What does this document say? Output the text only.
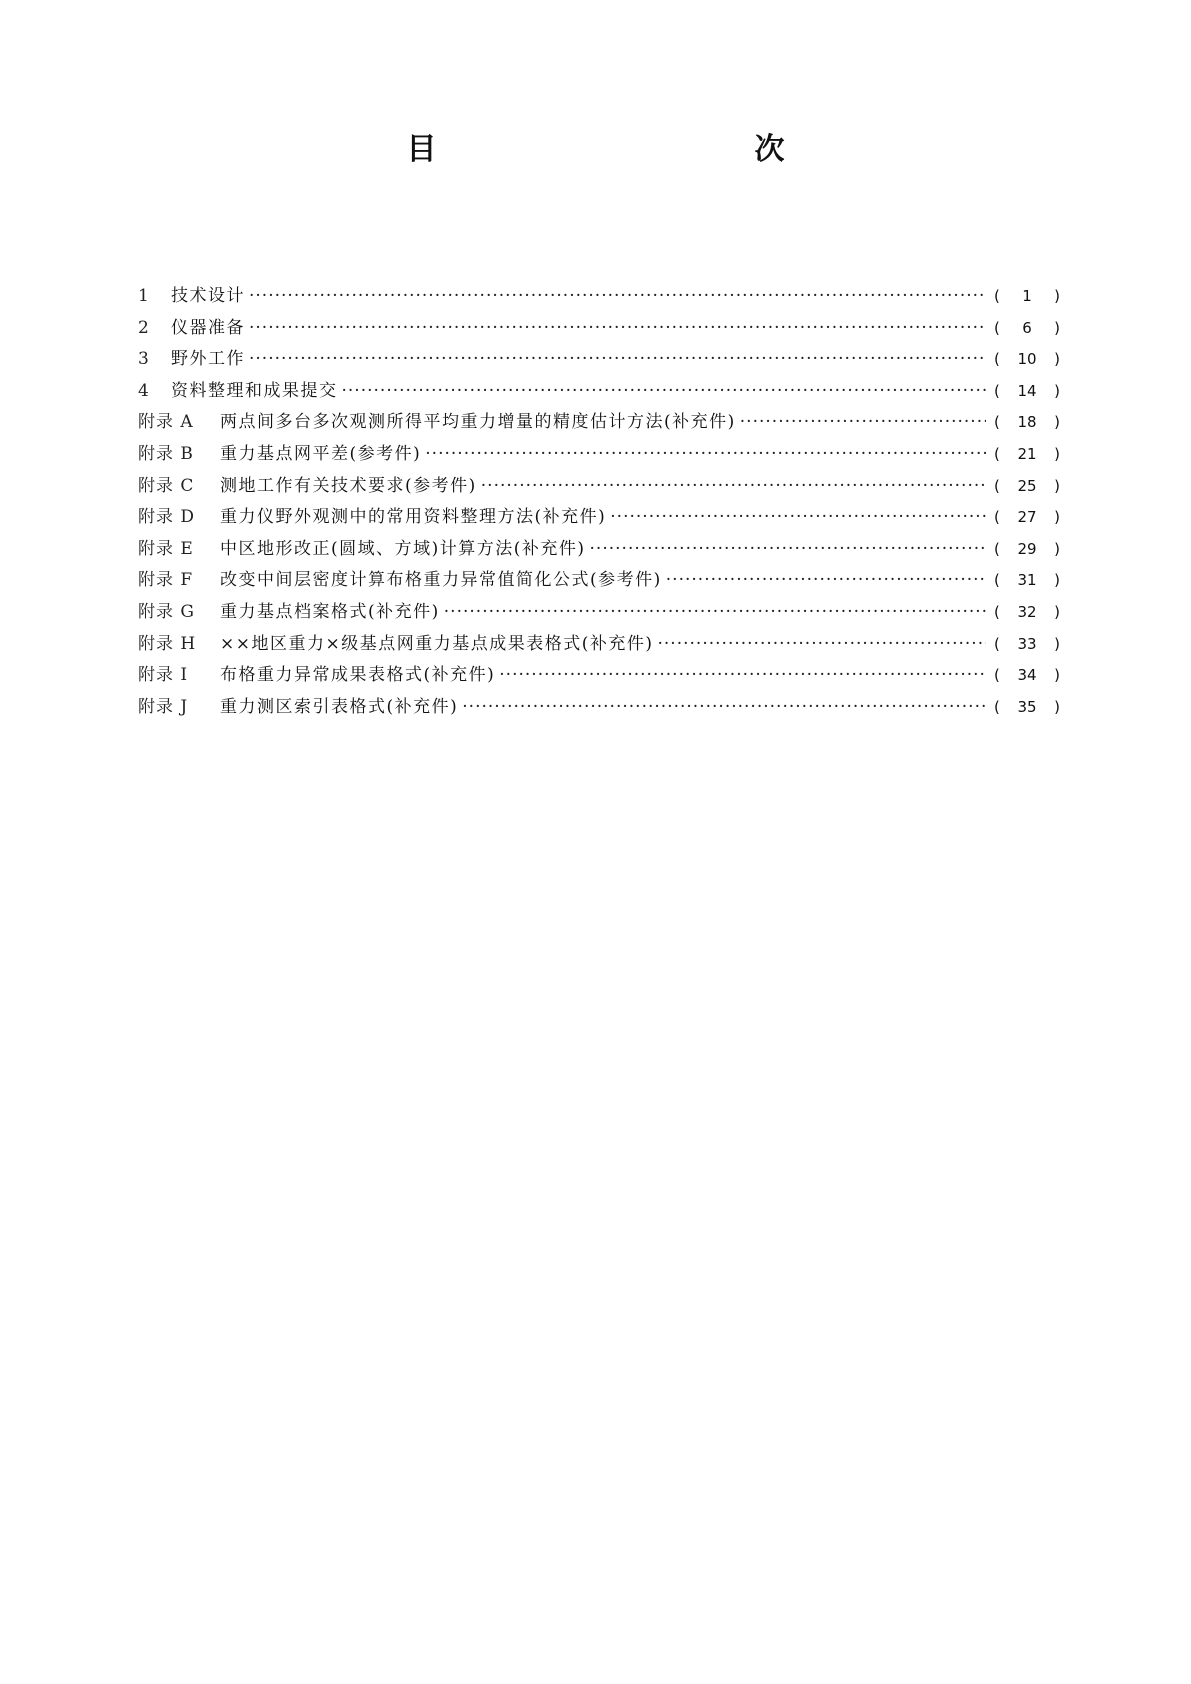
目　　次
1	技术设计 ·····	(	1	)
2	仪器准备 ·····	(	6	)
3	野外工作 ·····	(	10	)
4	资料整理和成果提交 ·····	(	14	)
附录 A	两点间多台多次观测所得平均重力增量的精度估计方法(补充件) ·····	(	18	)
附录 B	重力基点网平差(参考件) ·····	(	21	)
附录 C	测地工作有关技术要求(参考件) ·····	(	25	)
附录 D	重力仪野外观测中的常用资料整理方法(补充件) ·····	(	27	)
附录 E	中区地形改正(圆域、方域)计算方法(补充件) ·····	(	29	)
附录 F	改变中间层密度计算布格重力异常值简化公式(参考件) ·····	(	31	)
附录 G	重力基点档案格式(补充件) ·····	(	32	)
附录 H	××地区重力×级基点网重力基点成果表格式(补充件) ·····	(	33	)
附录 I	布格重力异常成果表格式(补充件) ·····	(	34	)
附录 J	重力测区索引表格式(补充件) ·····	(	35	)
